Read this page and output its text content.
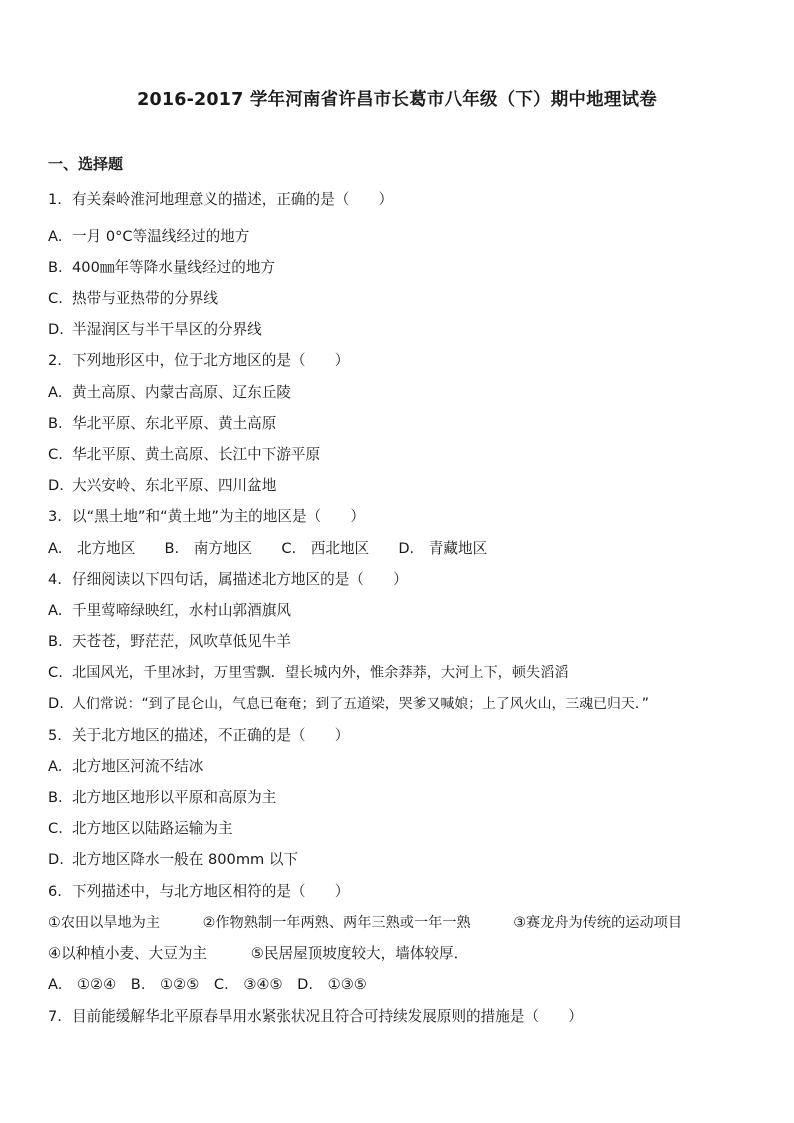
2016-2017 学年河南省许昌市长葛市八年级（下）期中地理试卷
一、选择题
1. 有关秦岭淮河地理意义的描述，正确的是（　　）
A. 一月 0°C等温线经过的地方
B. 400㎜年等降水量线经过的地方
C. 热带与亚热带的分界线
D. 半湿润区与半干旱区的分界线
2. 下列地形区中，位于北方地区的是（　　）
A. 黄土高原、内蒙古高原、辽东丘陵
B. 华北平原、东北平原、黄土高原
C. 华北平原、黄土高原、长江中下游平原
D. 大兴安岭、东北平原、四川盆地
3. 以“黑土地”和“黄土地”为主的地区是（　　）
A.　北方地区　　B.　南方地区　　C.　西北地区　　D.　青藏地区
4. 仔细阅读以下四句话，属描述北方地区的是（　　）
A. 千里莺啼绿映红，水村山郭酒旗风
B. 天苍苍，野茫茫，风吹草低见牛羊
C. 北国风光，千里冰封，万里雪飘．望长城内外，惟余莽莽，大河上下，顿失滔滔
D. 人们常说：“到了昆仑山，气息已奄奄；到了五道梁，哭爹又喊娘；上了风火山，三魂已归天．”
5. 关于北方地区的描述，不正确的是（　　）
A. 北方地区河流不结冰
B. 北方地区地形以平原和高原为主
C. 北方地区以陆路运输为主
D. 北方地区降水一般在 800mm 以下
6. 下列描述中，与北方地区相符的是（　　）
①农田以旱地为主　　　②作物熟制一年两熟、两年三熟或一年一熟　　　③赛龙舟为传统的运动项目
④以种植小麦、大豆为主　　　⑤民居屋顶坡度较大，墙体较厚．
A.　①②④　B.　①②⑤　C.　③④⑤　D.　①③⑤
7. 目前能缓解华北平原春旱用水紧张状况且符合可持续发展原则的措施是（　　）
